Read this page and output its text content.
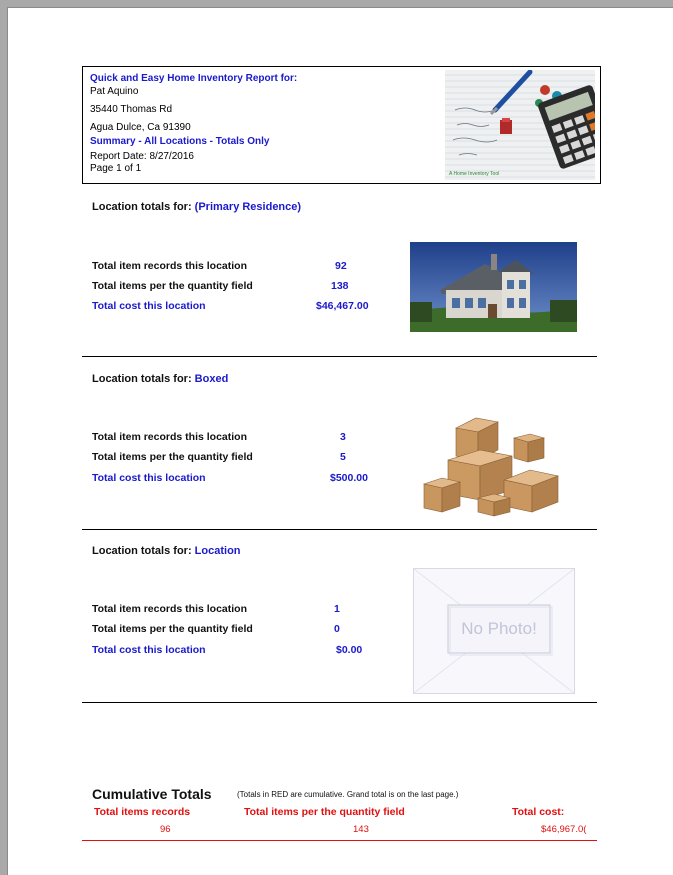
Quick and Easy Home Inventory Report for:
Pat Aquino
35440 Thomas Rd
Agua Dulce, Ca 91390
Summary - All Locations - Totals Only
Report Date: 8/27/2016
Page 1 of 1	A Home Inventory Tool
Location totals for: (Primary Residence)
Total item records this location	92
Total items per the quantity field	138
Total cost this location	$46,467.00
Location totals for: Boxed
Total item records this location	3
Total items per the quantity field	5
Total cost this location	$500.00
Location totals for: Location
Total item records this location	1
Total items per the quantity field	0
Total cost this location	$0.00
No Photo!
Cumulative Totals	(Totals in RED are cumulative. Grand total is on the last page.)
Total items records	Total items per the quantity field	Total cost:
96	143	$46,967.0(
